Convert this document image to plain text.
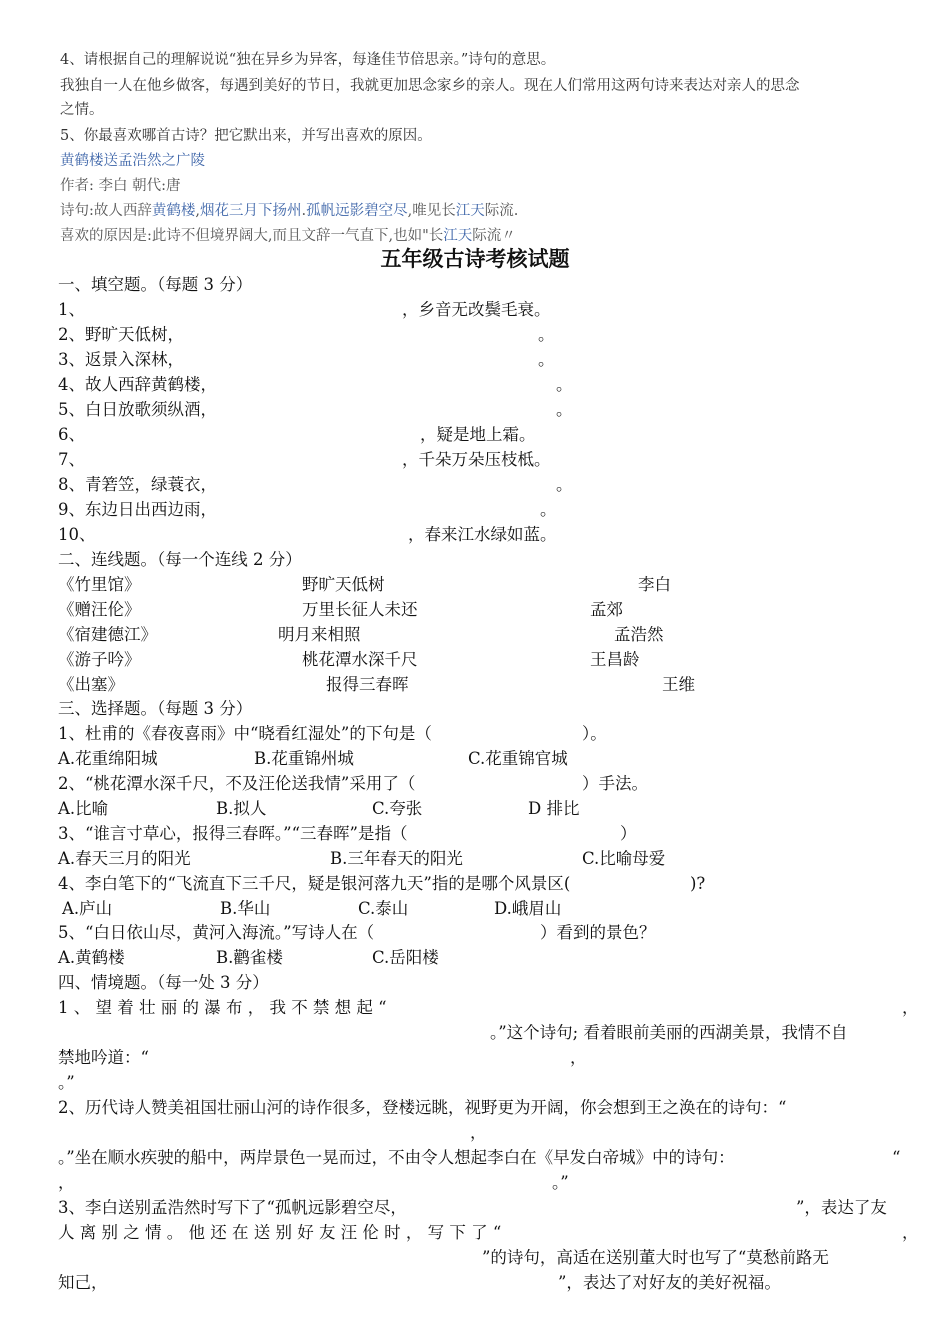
4、请根据自己的理解说说“独在异乡为异客，每逢佳节倍思亲。”诗句的意思。
我独自一人在他乡做客，每遇到美好的节日，我就更加思念家乡的亲人。现在人们常用这两句诗来表达对亲人的思念
之情。
5、你最喜欢哪首古诗？把它默出来，并写出喜欢的原因。
黄鹤楼送孟浩然之广陵
作者: 李白 朝代:唐
诗句:故人西辞黄鹤楼,烟花三月下扬州.孤帆远影碧空尽,唯见长江天际流.
喜欢的原因是:此诗不但境界阔大,而且文辞一气直下,也如"长江天际流〃
五年级古诗考核试题
一、填空题。（每题 3 分）
1、	，乡音无改鬓毛衰。
2、野旷天低树，	。
3、返景入深林，	。
4、故人西辞黄鹤楼，	。
5、白日放歌须纵酒，	。
6、	，疑是地上霜。
7、	，千朵万朵压枝柢。
8、青箬笠，绿蓑衣，	。
9、东边日出西边雨，	。
10、	，春来江水绿如蓝。
二、连线题。（每一个连线 2 分）
《竹里馆》	野旷天低树	李白
《赠汪伦》	万里长征人未还	孟郊
《宿建德江》	明月来相照	孟浩然
《游子吟》	桃花潭水深千尺	王昌龄
《出塞》	报得三春晖	王维
三、选择题。（每题 3 分）
1、杜甫的《春夜喜雨》中“晓看红湿处”的下句是（	）。
A.花重绵阳城	B.花重锦州城	C.花重锦官城
2、“桃花潭水深千尺，不及汪伦送我情”采用了（	）手法。
A.比喻	B.拟人	C.夸张	D 排比
3、“谁言寸草心，报得三春晖。”“三春晖”是指（	）
A.春天三月的阳光	B.三年春天的阳光	C.比喻母爱
4、李白笔下的“飞流直下三千尺，疑是银河落九天”指的是哪个风景区(	)?
A.庐山	B.华山	C.泰山	D.峨眉山
5、“白日依山尽，黄河入海流。”写诗人在（	）看到的景色？
A.黄鹤楼	B.鹳雀楼	C.岳阳楼
四、情境题。（每一处 3 分）
1 、 望 着 壮 丽 的 瀑 布 ， 我 不 禁 想 起 “	，
。”这个诗句; 看着眼前美丽的西湖美景，我情不自
禁地吟道：“	，
。”
2、历代诗人赞美祖国壮丽山河的诗作很多，登楼远眺，视野更为开阔，你会想到王之涣在的诗句：“
，
。”坐在顺水疾驶的船中，两岸景色一晃而过，不由令人想起李白在《早发白帝城》中的诗句：	“
，	。”
3、李白送别孟浩然时写下了“孤帆远影碧空尽，	”，表达了友
人 离 别 之 情 。 他 还 在 送 别 好 友 汪 伦 时 ， 写 下 了 “	，
”的诗句，高适在送别董大时也写了“莫愁前路无
知己，	”，表达了对好友的美好祝福。
